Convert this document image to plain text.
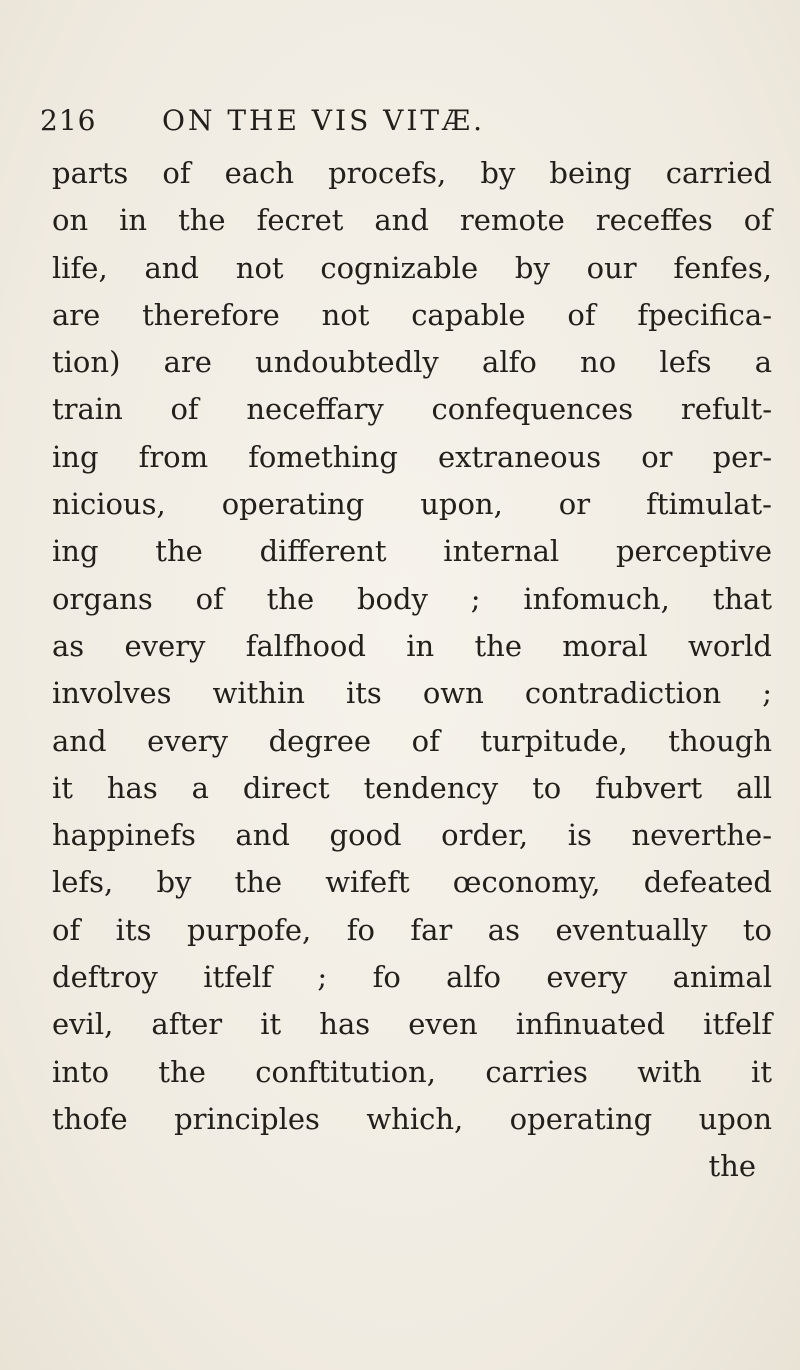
216 ON THE VIS VITÆ.
parts of each procefs, by being carried
on in the fecret and remote receffes of
life, and not cognizable by our fenfes,
are therefore not capable of fpecifica-
tion) are undoubtedly alfo no lefs a
train of neceffary confequences refult-
ing from fomething extraneous or per-
nicious, operating upon, or ftimulat-
ing the different internal perceptive
organs of the body ; infomuch, that
as every falfhood in the moral world
involves within its own contradiction ;
and every degree of turpitude, though
it has a direct tendency to fubvert all
happinefs and good order, is neverthe-
lefs, by the wifeft œconomy, defeated
of its purpofe, fo far as eventually to
deftroy itfelf ; fo alfo every animal
evil, after it has even infinuated itfelf
into the conftitution, carries with it
thofe principles which, operating upon
the
